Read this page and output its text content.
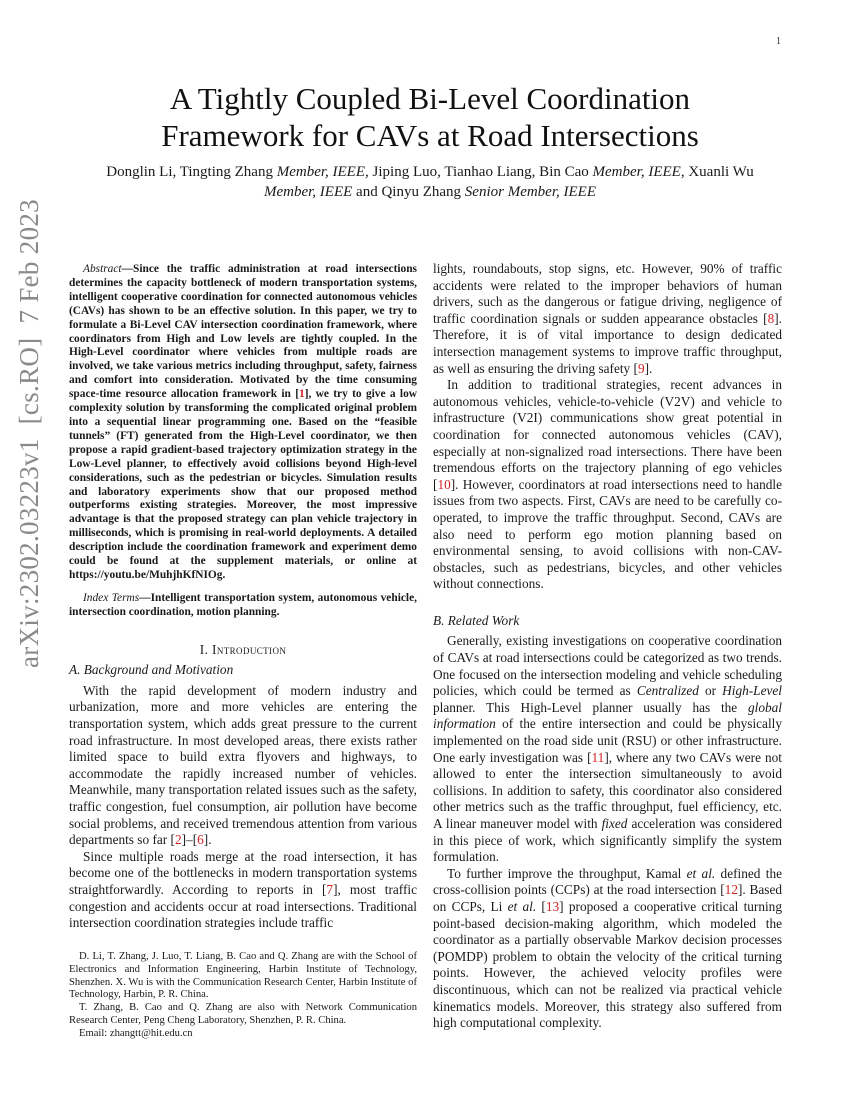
1
arXiv:2302.03223v1[cs.RO]7 Feb 2023
A Tightly Coupled Bi-Level Coordination
Framework for CAVs at Road Intersections
Donglin Li, Tingting Zhang Member, IEEE, Jiping Luo, Tianhao Liang, Bin Cao Member, IEEE, Xuanli Wu Member, IEEE and Qinyu Zhang Senior Member, IEEE

Abstract—Since the traffic administration at road intersections determines the capacity bottleneck of modern transportation systems, intelligent cooperative coordination for connected autonomous vehicles (CAVs) has shown to be an effective solution. In this paper, we try to formulate a Bi-Level CAV intersection coordination framework, where coordinators from High and Low levels are tightly coupled. In the High-Level coordinator where vehicles from multiple roads are involved, we take various metrics including throughput, safety, fairness and comfort into consideration. Motivated by the time consuming space-time resource allocation framework in [1], we try to give a low complexity solution by transforming the complicated original problem into a sequential linear programming one. Based on the “feasible tunnels” (FT) generated from the High-Level coordinator, we then propose a rapid gradient-based trajectory optimization strategy in the Low-Level planner, to effectively avoid collisions beyond High-level considerations, such as the pedestrian or bicycles. Simulation results and laboratory experiments show that our proposed method outperforms existing strategies. Moreover, the most impressive advantage is that the proposed strategy can plan vehicle trajectory in milliseconds, which is promising in real-world deployments. A detailed description include the coordination framework and experiment demo could be found at the supplement materials, or online at https://youtu.be/MuhjhKfNIOg.

Index Terms—Intelligent transportation system, autonomous vehicle, intersection coordination, motion planning.

I. Introduction
A. Background and Motivation

With the rapid development of modern industry and urbanization, more and more vehicles are entering the transportation system, which adds great pressure to the current road infrastructure. In most developed areas, there exists rather limited space to build extra flyovers and highways, to accommodate the rapidly increased number of vehicles. Meanwhile, many transportation related issues such as the safety, traffic congestion, fuel consumption, air pollution have become social problems, and received tremendous attention from various departments so far [2]–[6].

Since multiple roads merge at the road intersection, it has become one of the bottlenecks in modern transportation systems straightforwardly. According to reports in [7], most traffic congestion and accidents occur at road intersections. Traditional intersection coordination strategies include traffic

D. Li, T. Zhang, J. Luo, T. Liang, B. Cao and Q. Zhang are with the School of Electronics and Information Engineering, Harbin Institute of Technology, Shenzhen. X. Wu is with the Communication Research Center, Harbin Institute of Technology, Harbin, P. R. China.

T. Zhang, B. Cao and Q. Zhang are also with Network Communication Research Center, Peng Cheng Laboratory, Shenzhen, P. R. China.

Email: zhangtt@hit.edu.cn

lights, roundabouts, stop signs, etc. However, 90% of traffic accidents were related to the improper behaviors of human drivers, such as the dangerous or fatigue driving, negligence of traffic coordination signals or sudden appearance obstacles [8]. Therefore, it is of vital importance to design dedicated intersection management systems to improve traffic throughput, as well as ensuring the driving safety [9].

In addition to traditional strategies, recent advances in autonomous vehicles, vehicle-to-vehicle (V2V) and vehicle to infrastructure (V2I) communications show great potential in coordination for connected autonomous vehicles (CAV), especially at non-signalized road intersections. There have been tremendous efforts on the trajectory planning of ego vehicles [10]. However, coordinators at road intersections need to handle issues from two aspects. First, CAVs are need to be carefully co-operated, to improve the traffic throughput. Second, CAVs are also need to perform ego motion planning based on environmental sensing, to avoid collisions with non-CAV-obstacles, such as pedestrians, bicycles, and other vehicles without connections.

B. Related Work

Generally, existing investigations on cooperative coordination of CAVs at road intersections could be categorized as two trends. One focused on the intersection modeling and vehicle scheduling policies, which could be termed as Centralized or High-Level planner. This High-Level planner usually has the global information of the entire intersection and could be physically implemented on the road side unit (RSU) or other infrastructure. One early investigation was [11], where any two CAVs were not allowed to enter the intersection simultaneously to avoid collisions. In addition to safety, this coordinator also considered other metrics such as the traffic throughput, fuel efficiency, etc. A linear maneuver model with fixed acceleration was considered in this piece of work, which significantly simplify the system formulation.

To further improve the throughput, Kamal et al. defined the cross-collision points (CCPs) at the road intersection [12]. Based on CCPs, Li et al. [13] proposed a cooperative critical turning point-based decision-making algorithm, which modeled the coordinator as a partially observable Markov decision processes (POMDP) problem to obtain the velocity of the critical turning points. However, the achieved velocity profiles were discontinuous, which can not be realized via practical vehicle kinematics models. Moreover, this strategy also suffered from high computational complexity.
